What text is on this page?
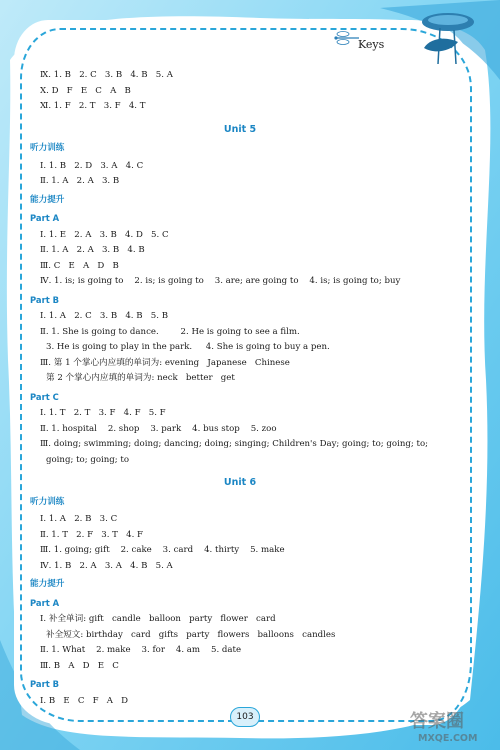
Keys
Ⅸ. 1. B   2. C   3. B   4. B   5. A
Ⅹ. D   F   E   C   A   B
Ⅺ. 1. F   2. T   3. F   4. T
Unit 5
听力训练
Ⅰ. 1. B   2. D   3. A   4. C
Ⅱ. 1. A   2. A   3. B
能力提升
Part A
Ⅰ. 1. E   2. A   3. B   4. D   5. C
Ⅱ. 1. A   2. A   3. B   4. B
Ⅲ. C   E   A   D   B
Ⅳ. 1. is; is going to    2. is; is going to    3. are; are going to    4. is; is going to; buy
Part B
Ⅰ. 1. A   2. C   3. B   4. B   5. B
Ⅱ. 1. She is going to dance.        2. He is going to see a film.
3. He is going to play in the park.     4. She is going to buy a pen.
Ⅲ. 第 1 个掌心内应填的单词为: evening   Japanese   Chinese
第 2 个掌心内应填的单词为: neck   better   get
Part C
Ⅰ. 1. T   2. T   3. F   4. F   5. F
Ⅱ. 1. hospital    2. shop    3. park    4. bus stop    5. zoo
Ⅲ. doing; swimming; doing; dancing; doing; singing; Children's Day; going; to; going; to;
going; to; going; to
Unit 6
听力训练
Ⅰ. 1. A   2. B   3. C
Ⅱ. 1. T   2. F   3. T   4. F
Ⅲ. 1. going; gift    2. cake    3. card    4. thirty    5. make
Ⅳ. 1. B   2. A   3. A   4. B   5. A
能力提升
Part A
Ⅰ. 补全单词: gift   candle   balloon   party   flower   card
补全短文: birthday   card   gifts   party   flowers   balloons   candles
Ⅱ. 1. What    2. make    3. for    4. am    5. date
Ⅲ. B   A   D   E   C
Part B
Ⅰ. B   E   C   F   A   D
103	答案圈
MXQE.COM
